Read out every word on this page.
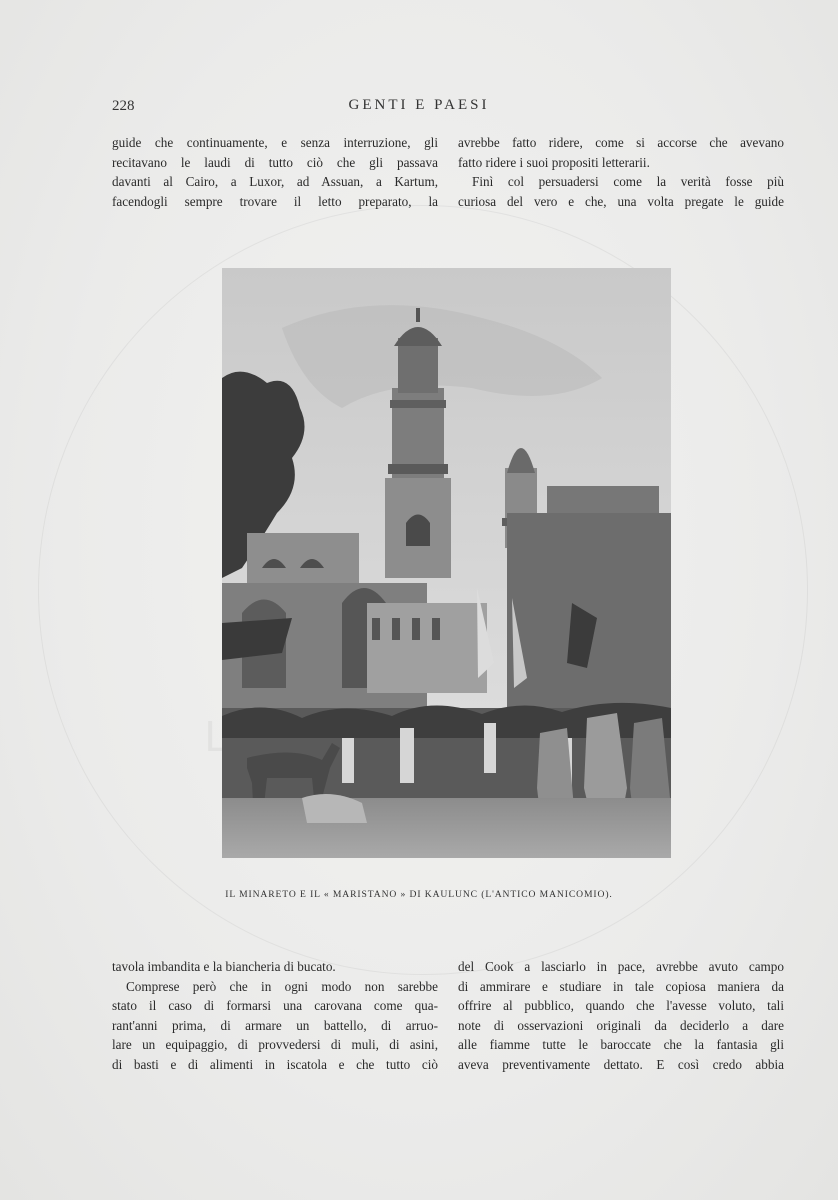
228	GENTI E PAESI

guide che continuamente, e senza interruzione, gli
recitavano le laudi di tutto ciò che gli passava
davanti al Cairo, a Luxor, ad Assuan, a Kartum,
facendogli sempre trovare il letto preparato, la

avrebbe fatto ridere, come si accorse che avevano
fatto ridere i suoi propositi letterarii.

Finì col persuadersi come la verità fosse più
curiosa del vero e che, una volta pregate le guide

IL MINARETO E IL « MARISTANO » DI KAULUNC (L'ANTICO MANICOMIO).

tavola imbandita e la biancheria di bucato.

Comprese però che in ogni modo non sarebbe
stato il caso di formarsi una carovana come qua-
rant'anni prima, di armare un battello, di arruo-
lare un equipaggio, di provvedersi di muli, di asini,
di basti e di alimenti in iscatola e che tutto ciò

del Cook a lasciarlo in pace, avrebbe avuto campo
di ammirare e studiare in tale copiosa maniera da
offrire al pubblico, quando che l'avesse voluto, tali
note di osservazioni originali da deciderlo a dare
alle fiamme tutte le baroccate che la fantasia gli
aveva preventivamente dettato. E così credo abbia
